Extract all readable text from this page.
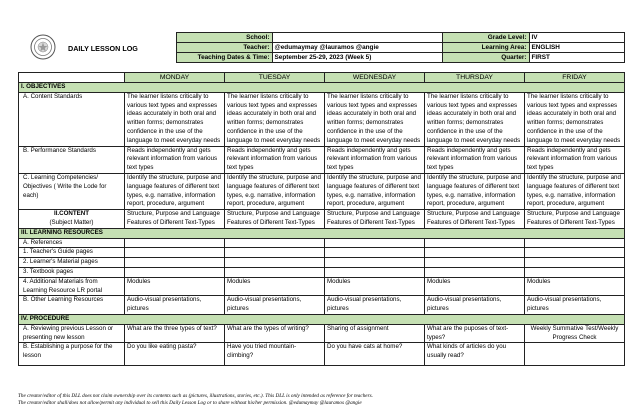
DAILY LESSON LOG
	School:		Grade Level:	IV
	Teacher:	@edumaymay @lauramos @angie	Learning Area:	ENGLISH
	Teaching Dates & Time:	September 25-29, 2023 (Week 5)	Quarter:	FIRST
	MONDAY	TUESDAY	WEDNESDAY	THURSDAY	FRIDAY
I. OBJECTIVES					
A. Content Standards	The learner listens critically to various text types and expresses ideas accurately in both oral and written forms; demonstrates confidence in the use of the language to meet everyday needs	The learner listens critically to various text types and expresses ideas accurately in both oral and written forms; demonstrates confidence in the use of the language to meet everyday needs	The learner listens critically to various text types and expresses ideas accurately in both oral and written forms; demonstrates confidence in the use of the language to meet everyday needs	The learner listens critically to various text types and expresses ideas accurately in both oral and written forms; demonstrates confidence in the use of the language to meet everyday needs	The learner listens critically to various text types and expresses ideas accurately in both oral and written forms; demonstrates confidence in the use of the language to meet everyday needs
B. Performance Standards	Reads independently and gets relevant information from various text types	Reads independently and gets relevant information from various text types	Reads independently and gets relevant information from various text types	Reads independently and gets relevant information from various text types	Reads independently and gets relevant information from various text types
C. Learning Competencies/ Objectives ( Write the Lode for each)	Identify the structure, purpose and language features of different text types, e.g. narrative, information report, procedure, argument	Identify the structure, purpose and language features of different text types, e.g. narrative, information report, procedure, argument	Identify the structure, purpose and language features of different text types, e.g. narrative, information report, procedure, argument	Identify the structure, purpose and language features of different text types, e.g. narrative, information report, procedure, argument	Identify the structure, purpose and language features of different text types, e.g. narrative, information report, procedure, argument
II.CONTENT
(Subject Matter)	Structure, Purpose and Language Features of Different Text-Types	Structure, Purpose and Language Features of Different Text-Types	Structure, Purpose and Language Features of Different Text-Types	Structure, Purpose and Language Features of Different Text-Types	Structure, Purpose and Language Features of Different Text-Types
III. LEARNING RESOURCES					
A. References					
1. Teacher's Guide pages					
2. Learner's Material pages					
3. Textbook pages					
4. Additional Materials from Learning Resource LR portal	Modules	Modules	Modules	Modules	Modules
B. Other Learning Resources	Audio-visual presentations, pictures	Audio-visual presentations, pictures	Audio-visual presentations, pictures	Audio-visual presentations, pictures	Audio-visual presentations, pictures
IV. PROCEDURE					
A. Reviewing previous Lesson or presenting new lesson	What are the three types of text?	What are the types of writing?	Sharing of assignment	What are the puposes of text-types?	Weekly Summative Test/Weekly Progress Check
B. Establishing a purpose for the lesson	Do you like eating pasta?	Have you tried mountain-climbing?	Do you have cats at home?	What kinds of articles do you usually read?	
The creator/editor of this DLL does not claim ownership over its contents such as (pictures, illustrations, stories, etc.). This DLL is only intended as reference for teachers.
The creator/editor shall/does not allow/permit any individual to sell this Daily Lesson Log or to share without his/her permission. @edumaymay @lauramos @angie
